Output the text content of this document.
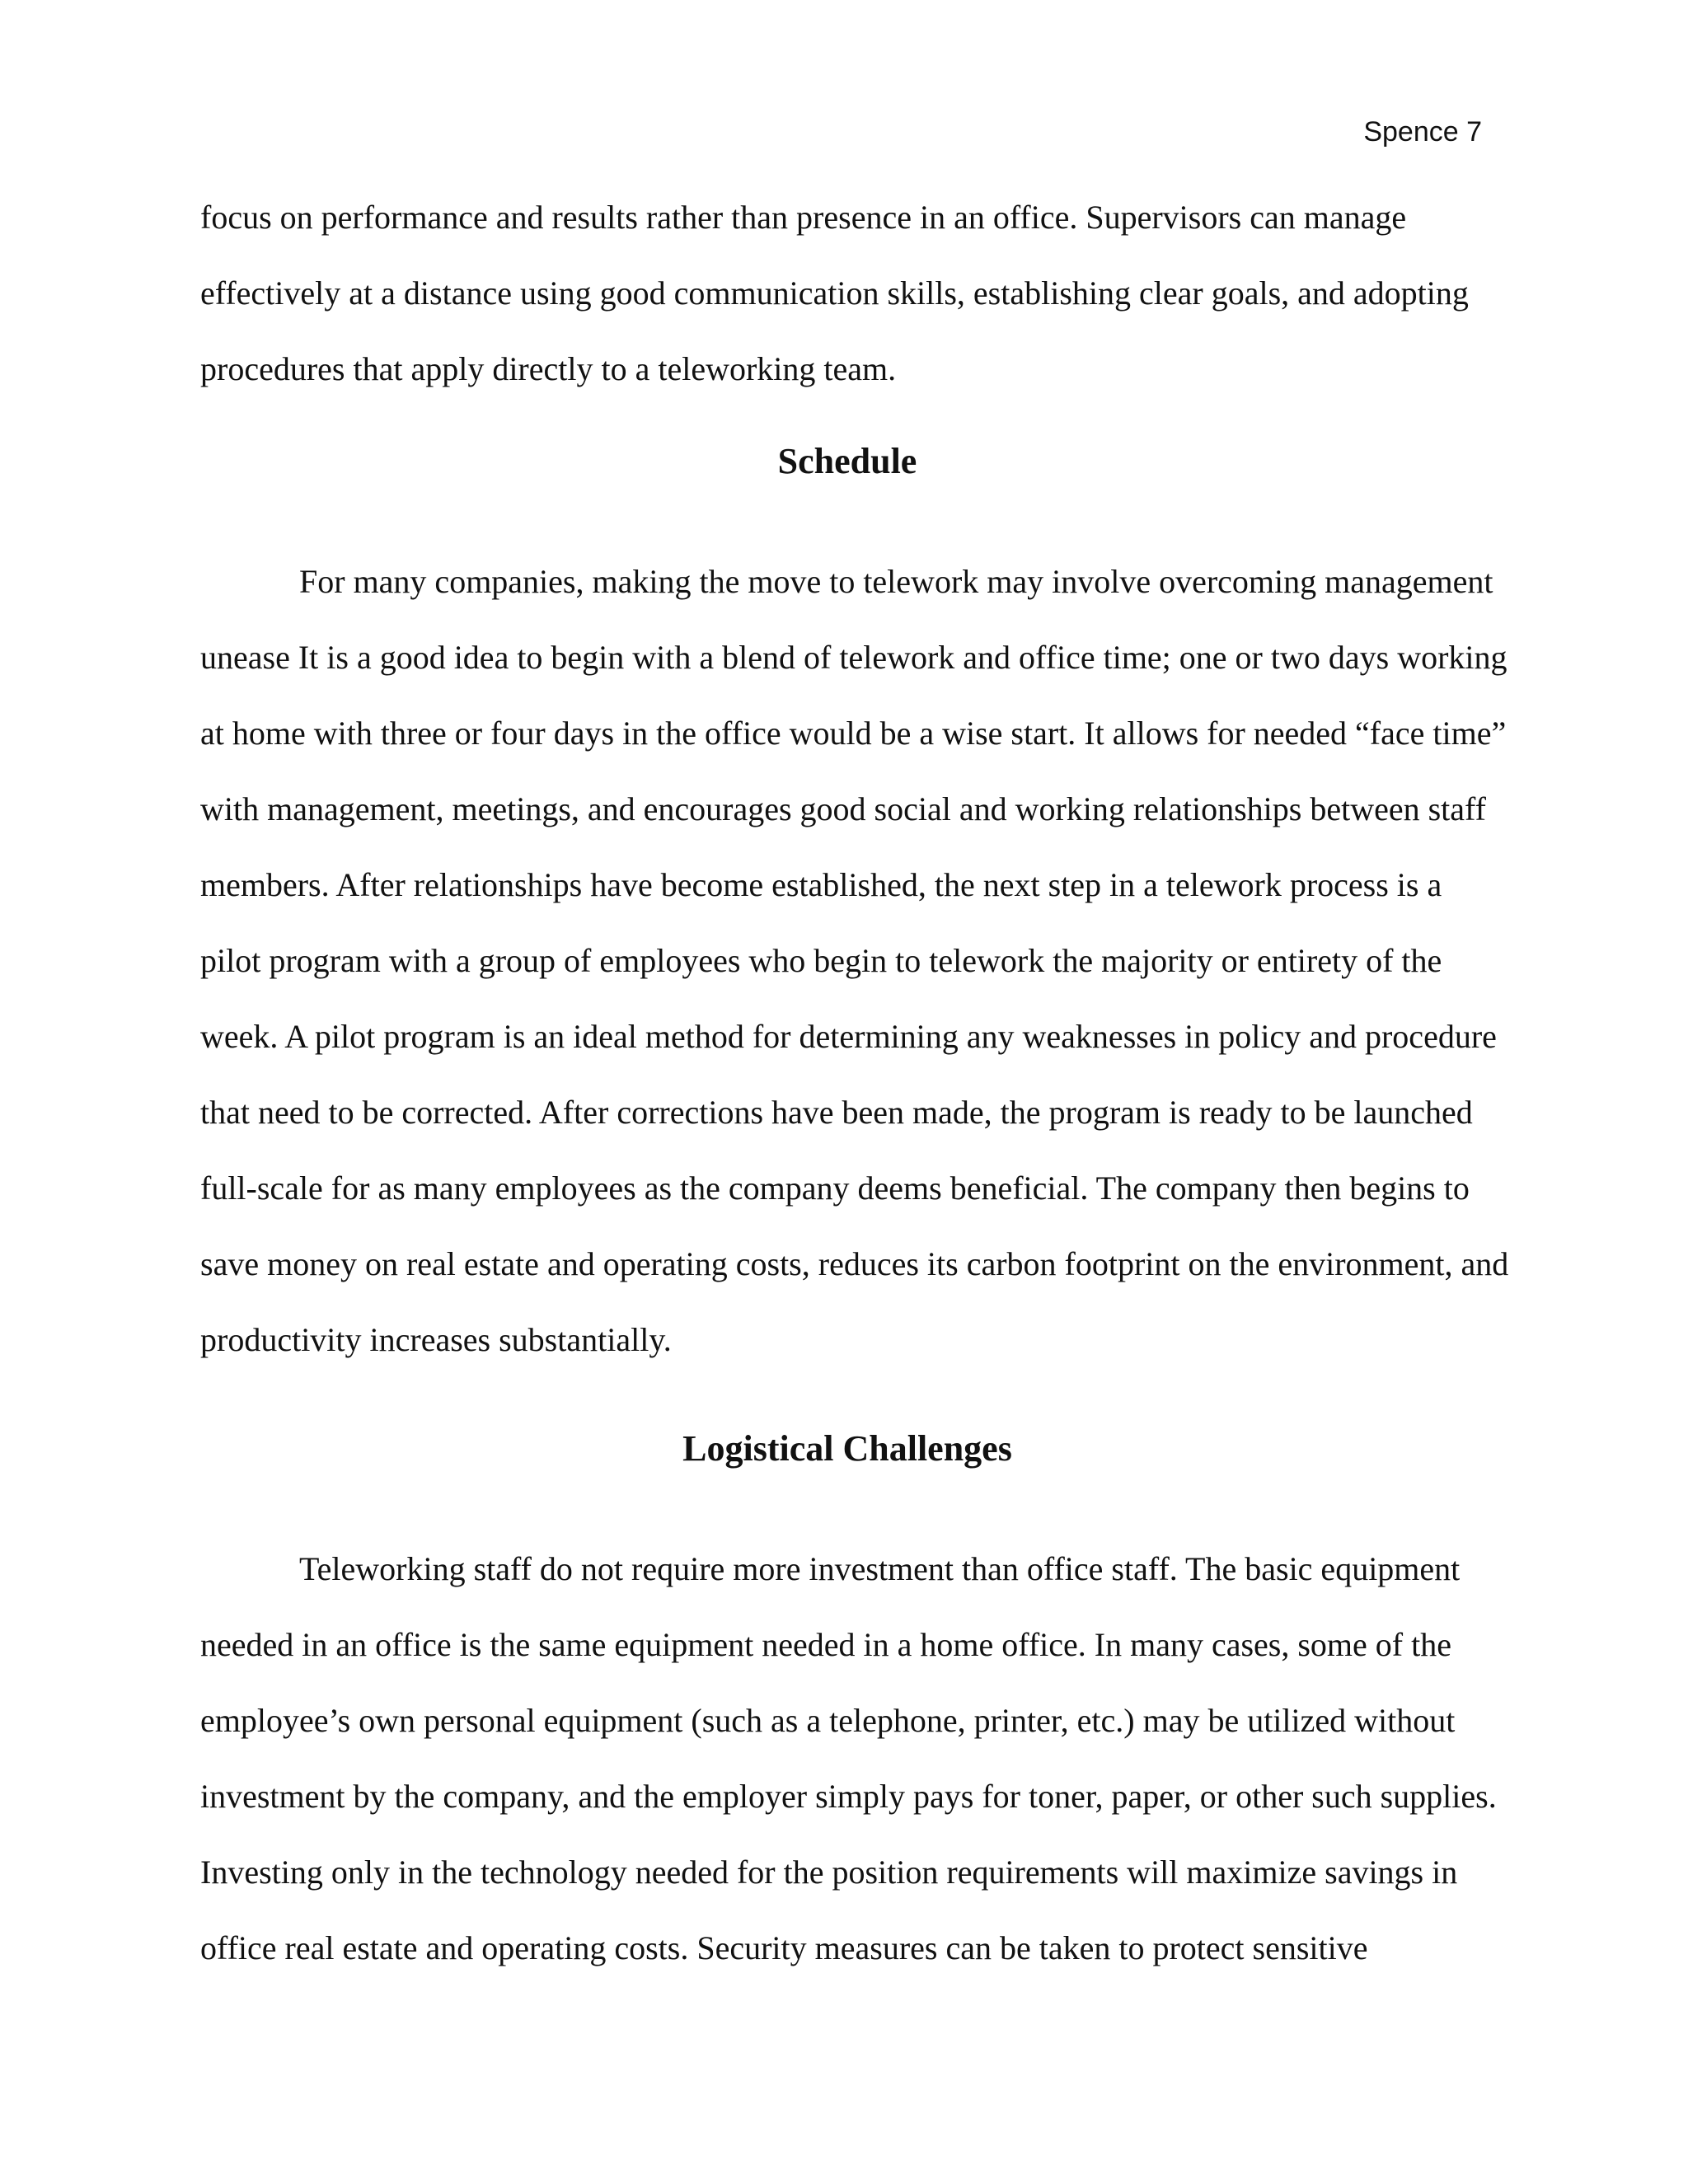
Spence 7
focus on performance and results rather than presence in an office. Supervisors can manage
effectively at a distance using good communication skills, establishing clear goals, and adopting
procedures that apply directly to a teleworking team.
Schedule
For many companies, making the move to telework may involve overcoming management
unease It is a good idea to begin with a blend of telework and office time; one or two days working
at home with three or four days in the office would be a wise start. It allows for needed “face time”
with management, meetings, and encourages good social and working relationships between staff
members. After relationships have become established, the next step in a telework process is a
pilot program with a group of employees who begin to telework the majority or entirety of the
week. A pilot program is an ideal method for determining any weaknesses in policy and procedure
that need to be corrected. After corrections have been made, the program is ready to be launched
full-scale for as many employees as the company deems beneficial. The company then begins to
save money on real estate and operating costs, reduces its carbon footprint on the environment, and
productivity increases substantially.
Logistical Challenges
Teleworking staff do not require more investment than office staff. The basic equipment
needed in an office is the same equipment needed in a home office. In many cases, some of the
employee’s own personal equipment (such as a telephone, printer, etc.) may be utilized without
investment by the company, and the employer simply pays for toner, paper, or other such supplies.
Investing only in the technology needed for the position requirements will maximize savings in
office real estate and operating costs. Security measures can be taken to protect sensitive
